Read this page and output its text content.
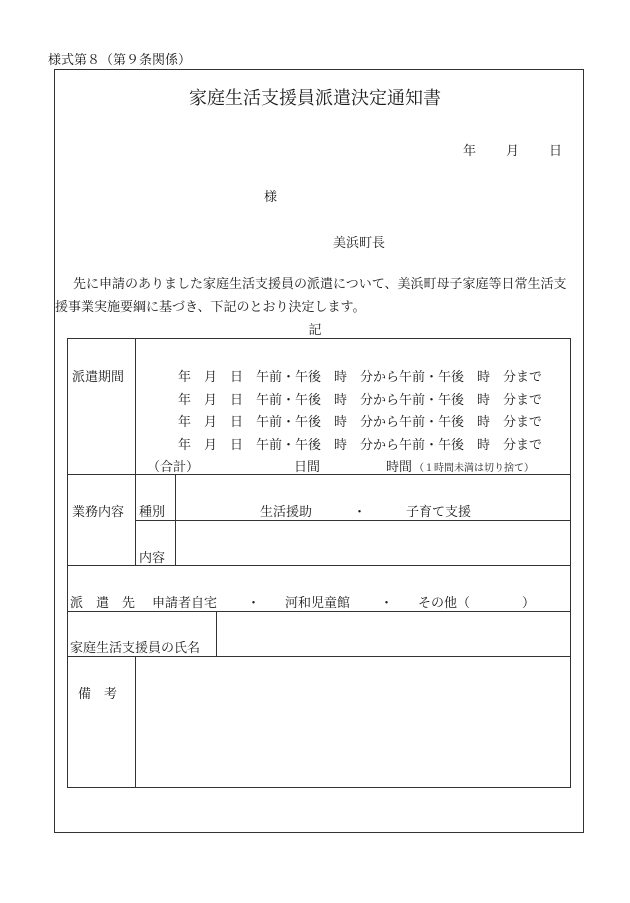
様式第８（第９条関係）
家庭生活支援員派遣決定通知書
年 月 日
様
美浜町長
先に申請のありました家庭生活支援員の派遣について、美浜町母子家庭等日常生活支
援事業実施要綱に基づき、下記のとおり決定します。
記
派遣期間	年　月　日　午前・午後　時　分から午前・午後　時　分まで
年　月　日　午前・午後　時　分から午前・午後　時　分まで
年　月　日　午前・午後　時　分から午前・午後　時　分まで
年　月　日　午前・午後　時　分から午前・午後　時　分まで
（合計）	日間	時間 （１時間未満は切り捨て）
業務内容 種別	生活援助	・	子育て支援
内容
派　遣　先 申請者自宅 ・ 河和児童館 ・ その他（　　　　）
家庭生活支援員の氏名
備　考
